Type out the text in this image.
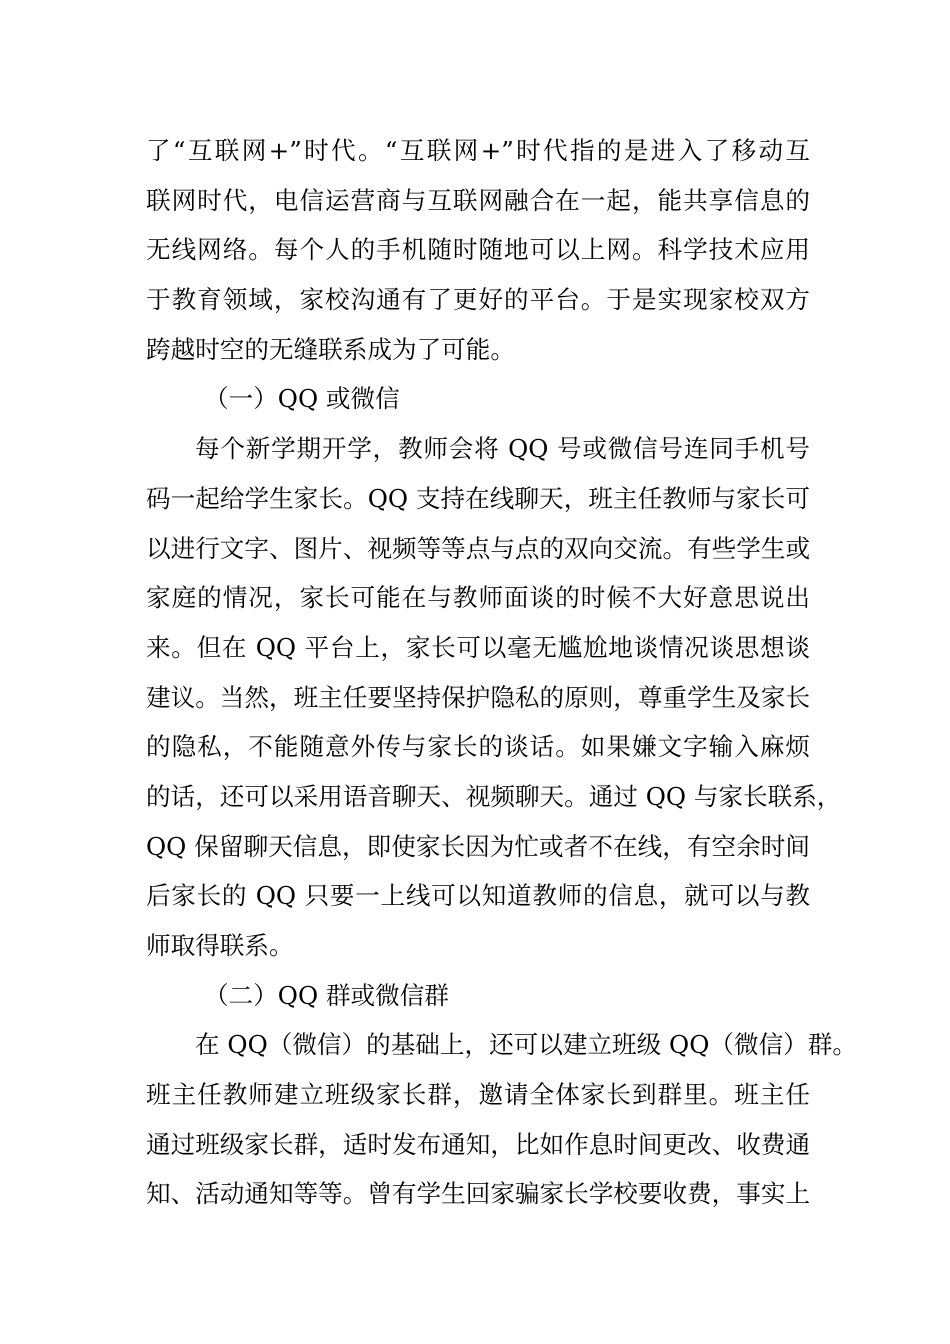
了“互联网+”时代。“互联网+”时代指的是进入了移动互
联网时代，电信运营商与互联网融合在一起，能共享信息的
无线网络。每个人的手机随时随地可以上网。科学技术应用
于教育领域，家校沟通有了更好的平台。于是实现家校双方
跨越时空的无缝联系成为了可能。
（一）QQ 或微信
每个新学期开学，教师会将 QQ 号或微信号连同手机号
码一起给学生家长。QQ 支持在线聊天，班主任教师与家长可
以进行文字、图片、视频等等点与点的双向交流。有些学生或
家庭的情况，家长可能在与教师面谈的时候不大好意思说出
来。但在 QQ 平台上，家长可以毫无尴尬地谈情况谈思想谈
建议。当然，班主任要坚持保护隐私的原则，尊重学生及家长
的隐私，不能随意外传与家长的谈话。如果嫌文字输入麻烦
的话，还可以采用语音聊天、视频聊天。通过 QQ 与家长联系，
QQ 保留聊天信息，即使家长因为忙或者不在线，有空余时间
后家长的 QQ 只要一上线可以知道教师的信息，就可以与教
师取得联系。
（二）QQ 群或微信群
在 QQ（微信）的基础上，还可以建立班级 QQ（微信）群。
班主任教师建立班级家长群，邀请全体家长到群里。班主任
通过班级家长群，适时发布通知，比如作息时间更改、收费通
知、活动通知等等。曾有学生回家骗家长学校要收费，事实上
